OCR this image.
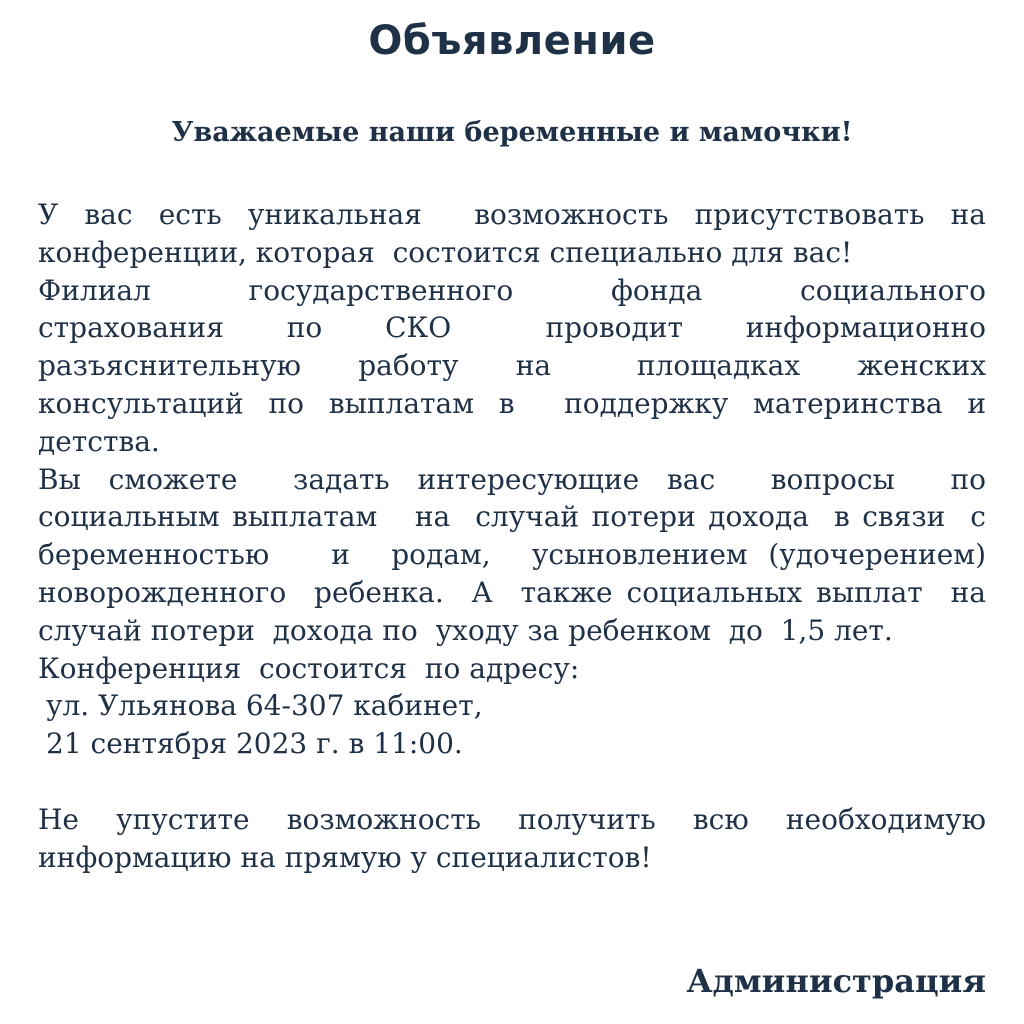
Объявление
Уважаемые наши беременные и мамочки!

У вас есть уникальная  возможность присутствовать на конференции, которая  состоится специально для вас!

Филиал    государственного    фонда    социального страхования  по  СКО   проводит  информационно разъяснительную  работу  на   площадках  женских консультаций по выплатам в  поддержку материнства и детства.

Вы сможете  задать интересующие вас  вопросы  по социальным выплатам   на  случай потери дохода  в связи  с  беременностью   и  родам,  усыновлением (удочерением)  новорожденного  ребенка.  А  также социальных выплат  на случай потери  дохода по  уходу за ребенком  до  1,5 лет.

Конференция  состоится  по адресу:

ул. Ульянова 64-307 кабинет,
21 сентября 2023 г. в 11:00.

Не упустите возможность получить всю необходимую информацию на прямую у специалистов!

Администрация
